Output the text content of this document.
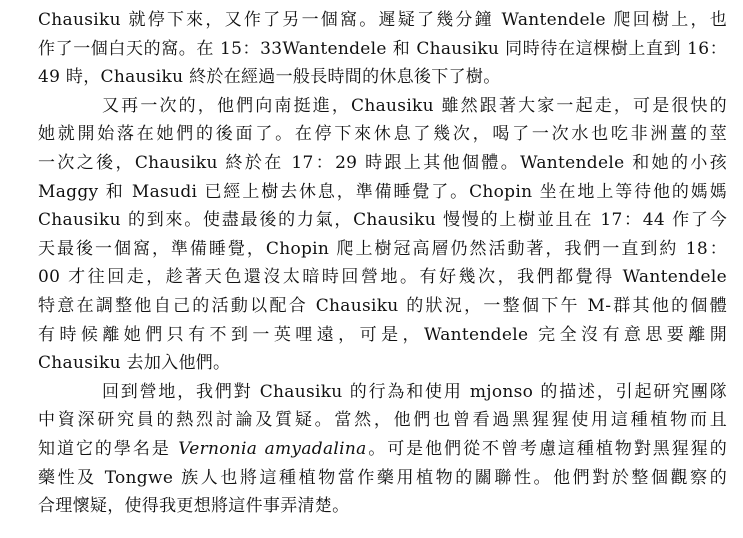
Chausiku 就停下來，又作了另一個窩。遲疑了幾分鐘 Wantendele 爬回樹上，也
作了一個白天的窩。在 15：33Wantendele 和 Chausiku 同時待在這棵樹上直到 16：
49 時，Chausiku 終於在經過一般長時間的休息後下了樹。

又再一次的，他們向南挺進，Chausiku 雖然跟著大家一起走，可是很快的
她就開始落在她們的後面了。在停下來休息了幾次，喝了一次水也吃非洲薑的莖
一次之後，Chausiku 終於在 17：29 時跟上其他個體。Wantendele 和她的小孩
Maggy 和 Masudi 已經上樹去休息，準備睡覺了。Chopin 坐在地上等待他的媽媽
Chausiku 的到來。使盡最後的力氣，Chausiku 慢慢的上樹並且在 17：44 作了今
天最後一個窩，準備睡覺，Chopin 爬上樹冠高層仍然活動著，我們一直到約 18：
00 才往回走，趁著天色還沒太暗時回營地。有好幾次，我們都覺得 Wantendele
特意在調整他自己的活動以配合 Chausiku 的狀況，一整個下午 M-群其他的個體
有時候離她們只有不到一英哩遠，可是，Wantendele 完全沒有意思要離開
Chausiku 去加入他們。

回到營地，我們對 Chausiku 的行為和使用 mjonso 的描述，引起研究團隊
中資深研究員的熱烈討論及質疑。當然，他們也曾看過黑猩猩使用這種植物而且
知道它的學名是 Vernonia amyadalina。可是他們從不曾考慮這種植物對黑猩猩的
藥性及 Tongwe 族人也將這種植物當作藥用植物的關聯性。他們對於整個觀察的
合理懷疑，使得我更想將這件事弄清楚。
